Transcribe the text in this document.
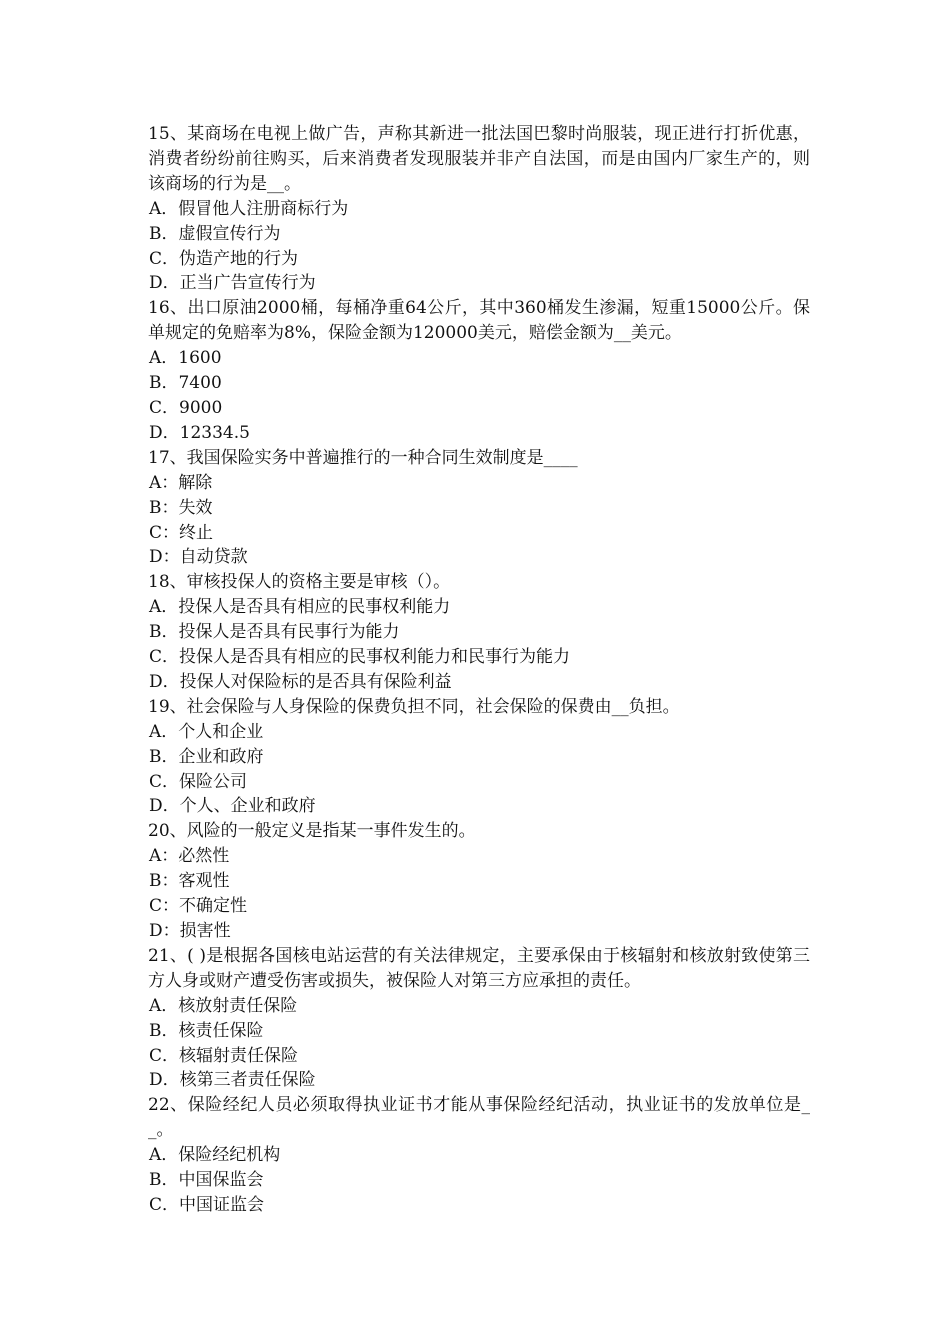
15、某商场在电视上做广告，声称其新进一批法国巴黎时尚服装，现正进行打折优惠，消费者纷纷前往购买，后来消费者发现服装并非产自法国，而是由国内厂家生产的，则该商场的行为是__。

A．假冒他人注册商标行为

B．虚假宣传行为

C．伪造产地的行为

D．正当广告宣传行为

16、出口原油2000桶，每桶净重64公斤，其中360桶发生渗漏，短重15000公斤。保单规定的免赔率为8%，保险金额为120000美元，赔偿金额为__美元。

A．1600

B．7400

C．9000

D．12334.5

17、我国保险实务中普遍推行的一种合同生效制度是____

A：解除

B：失效

C：终止

D：自动贷款

18、审核投保人的资格主要是审核（）。

A．投保人是否具有相应的民事权利能力

B．投保人是否具有民事行为能力

C．投保人是否具有相应的民事权利能力和民事行为能力

D．投保人对保险标的是否具有保险利益

19、社会保险与人身保险的保费负担不同，社会保险的保费由__负担。

A．个人和企业

B．企业和政府

C．保险公司

D．个人、企业和政府

20、风险的一般定义是指某一事件发生的。

A：必然性

B：客观性

C：不确定性

D：损害性

21、( )是根据各国核电站运营的有关法律规定，主要承保由于核辐射和核放射致使第三方人身或财产遭受伤害或损失，被保险人对第三方应承担的责任。

A．核放射责任保险

B．核责任保险

C．核辐射责任保险

D．核第三者责任保险

22、保险经纪人员必须取得执业证书才能从事保险经纪活动，执业证书的发放单位是__。

A．保险经纪机构

B．中国保监会

C．中国证监会
